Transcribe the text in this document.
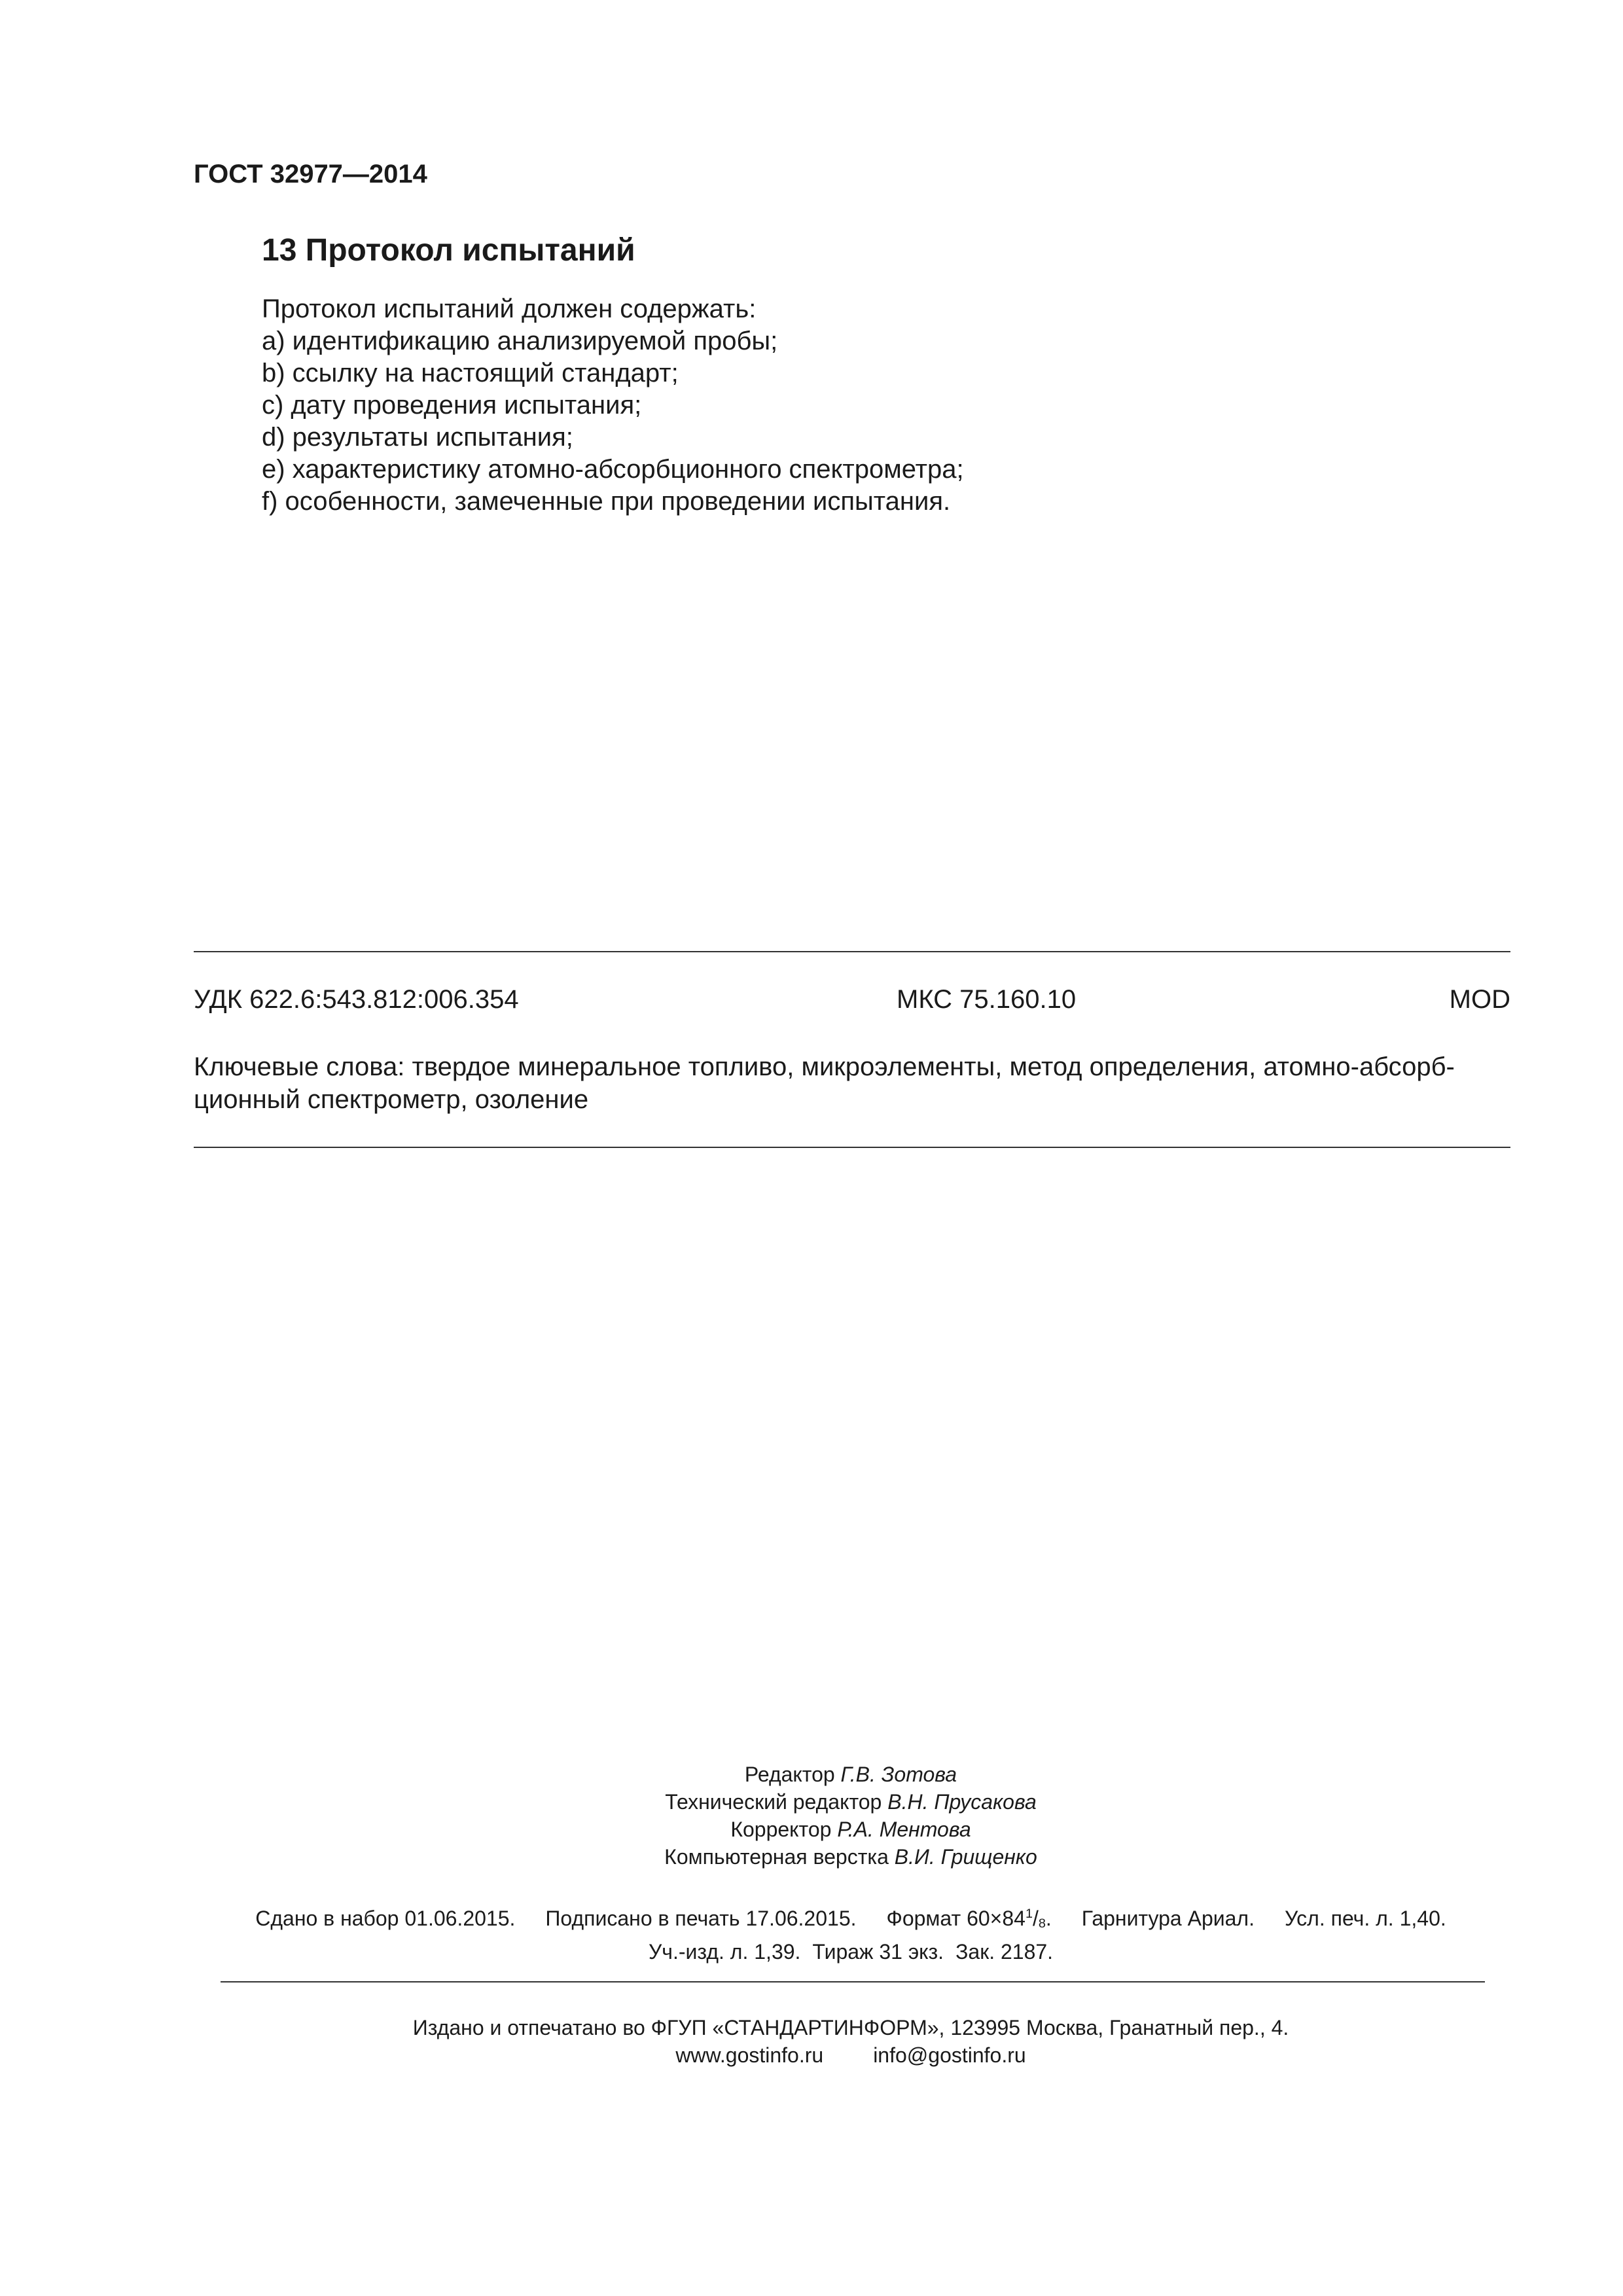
ГОСТ 32977—2014
13 Протокол испытаний
Протокол испытаний должен содержать:
а) идентификацию анализируемой пробы;
b) ссылку на настоящий стандарт;
с) дату проведения испытания;
d) результаты испытания;
е) характеристику атомно-абсорбционного спектрометра;
f) особенности, замеченные при проведении испытания.
УДК 622.6:543.812:006.354	МКС 75.160.10	MOD
Ключевые слова: твердое минеральное топливо, микроэлементы, метод определения, атомно-абсорб-
ционный спектрометр, озоление
Редактор Г.В. Зотова
Технический редактор В.Н. Прусакова
Корректор Р.А. Ментова
Компьютерная верстка В.И. Грищенко
Сдано в набор 01.06.2015. Подписано в печать 17.06.2015. Формат $60\times 84^1/_8$. Гарнитура Ариал. Усл. печ. л. 1,40.
Уч.-изд. л. 1,39. Тираж 31 экз. Зак. 2187.
Издано и отпечатано во ФГУП «СТАНДАРТИНФОРМ», 123995 Москва, Гранатный пер., 4.
www.gostinfo.ru info@gostinfo.ru
